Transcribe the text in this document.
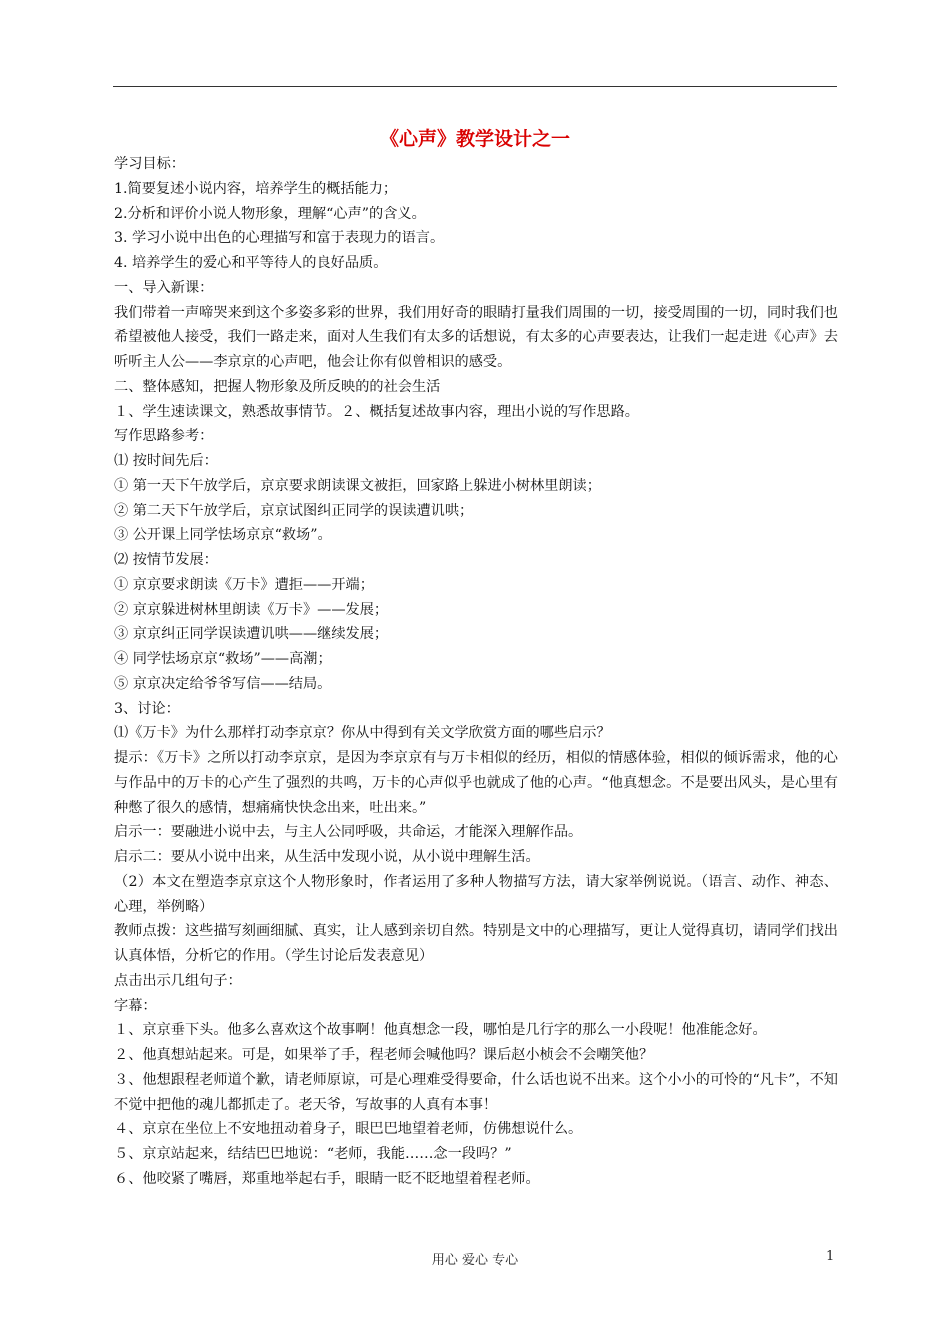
《心声》教学设计之一

学习目标：

1.简要复述小说内容，培养学生的概括能力；

2.分析和评价小说人物形象，理解“心声”的含义。

3. 学习小说中出色的心理描写和富于表现力的语言。

4. 培养学生的爱心和平等待人的良好品质。

一、导入新课：

我们带着一声啼哭来到这个多姿多彩的世界，我们用好奇的眼睛打量我们周围的一切，接受周围的一切，同时我们也希望被他人接受，我们一路走来，面对人生我们有太多的话想说，有太多的心声要表达，让我们一起走进《心声》去听听主人公——李京京的心声吧，他会让你有似曾相识的感受。

二、整体感知，把握人物形象及所反映的的社会生活

１、学生速读课文，熟悉故事情节。２、概括复述故事内容，理出小说的写作思路。

写作思路参考：

⑴ 按时间先后：

① 第一天下午放学后，京京要求朗读课文被拒，回家路上躲进小树林里朗读；

② 第二天下午放学后，京京试图纠正同学的误读遭讥哄；

③ 公开课上同学怯场京京“救场”。

⑵ 按情节发展：

① 京京要求朗读《万卡》遭拒——开端；

② 京京躲进树林里朗读《万卡》——发展；

③ 京京纠正同学误读遭讥哄——继续发展；

④ 同学怯场京京“救场”——高潮；

⑤ 京京决定给爷爷写信——结局。

3、讨论：

⑴《万卡》为什么那样打动李京京？你从中得到有关文学欣赏方面的哪些启示？

提示：《万卡》之所以打动李京京，是因为李京京有与万卡相似的经历，相似的情感体验，相似的倾诉需求，他的心与作品中的万卡的心产生了强烈的共鸣，万卡的心声似乎也就成了他的心声。“他真想念。不是要出风头，是心里有种憋了很久的感情，想痛痛快快念出来，吐出来。”

启示一：要融进小说中去，与主人公同呼吸，共命运，才能深入理解作品。

启示二：要从小说中出来，从生活中发现小说，从小说中理解生活。

（2）本文在塑造李京京这个人物形象时，作者运用了多种人物描写方法，请大家举例说说。（语言、动作、神态、心理，举例略）

教师点拨：这些描写刻画细腻、真实，让人感到亲切自然。特别是文中的心理描写，更让人觉得真切，请同学们找出认真体悟，分析它的作用。（学生讨论后发表意见）

点击出示几组句子：

字幕：

１、京京垂下头。他多么喜欢这个故事啊！他真想念一段，哪怕是几行字的那么一小段呢！他准能念好。

２、他真想站起来。可是，如果举了手，程老师会喊他吗？课后赵小桢会不会嘲笑他？

３、他想跟程老师道个歉，请老师原谅，可是心理难受得要命，什么话也说不出来。这个小小的可怜的“凡卡”，不知不觉中把他的魂儿都抓走了。老天爷，写故事的人真有本事！

４、京京在坐位上不安地扭动着身子，眼巴巴地望着老师，仿佛想说什么。

５、京京站起来，结结巴巴地说：“老师，我能……念一段吗？”

６、他咬紧了嘴唇，郑重地举起右手，眼睛一眨不眨地望着程老师。

用心 爱心 专心	1
